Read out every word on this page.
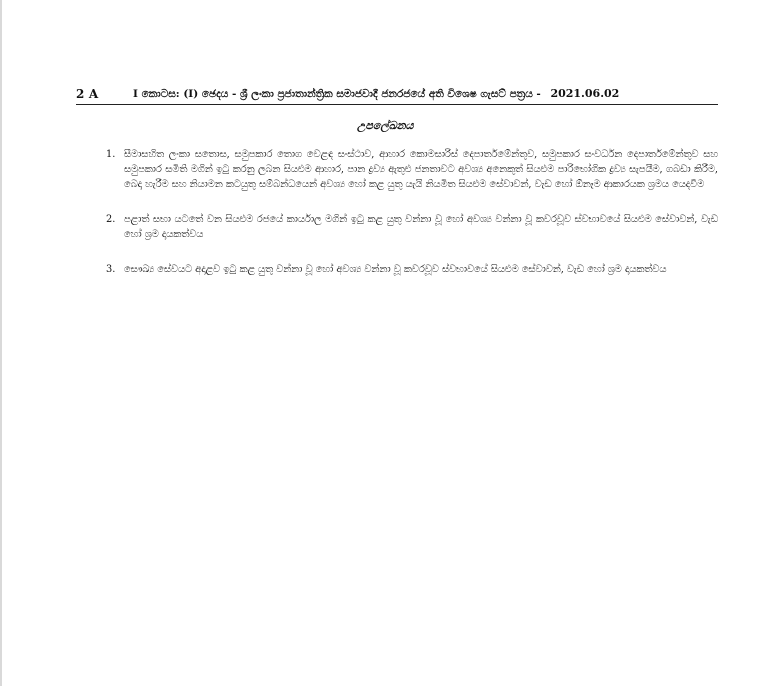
2 A	I කොටස: (I) ඡෙදය - ශ්‍රී ලංකා ප්‍රජාතාන්ත්‍රික සමාජවාදී ජනරජයේ අති විශෙෂ ගැසට් පත්‍රය - 2021.06.02
උපලේඛනය
1. සීමාසහිත ලංකා සතොස, සමුපකාර තොග වෙළඳ සංස්ථාව, ආහාර කොමසාරිස් දෙපාර්තමේන්තුව, සමුපකාර සංවර්ධන දෙපාර්තමේන්තුව සහ සමුපකාර සමිති මගින් ඉටු කරනු ලබන සියළුම ආහාර, පාන ද්‍රව්‍ය ඇතුළු ජනතාවට අවශ්‍ය අනෙකුත් සියළුම පාරිභෝගික ද්‍රව්‍ය සැපයීම, ගබඩා කිරීම, බෙදා හැරීම සහ නියාමන කටයුතු සම්බන්ධයෙන් අවශ්‍ය හෝ කළ යුතු යැයි නියමිත සියළුම සේවාවන්, වැඩ හෝ ඕනෑම ආකාරයක ශ්‍රමය යෙදවීම
2. පළාත් සභා යටතේ වන සියළුම රජයේ කාර්යාල මගින් ඉටු කළ යුතු වන්නා වූ හෝ අවශ්‍ය වන්නා වූ කවරවූව ස්වභාවයේ සියළුම සේවාවන්, වැඩ හෝ ශ්‍රම දායකත්වය
3. සෞඛ්‍ය සේවයට අදාළව ඉටු කළ යුතු වන්නා වූ හෝ අවශ්‍ය වන්නා වූ කවරවූව ස්වභාවයේ සියළුම සේවාවන්, වැඩ හෝ ශ්‍රම දායකත්වය
